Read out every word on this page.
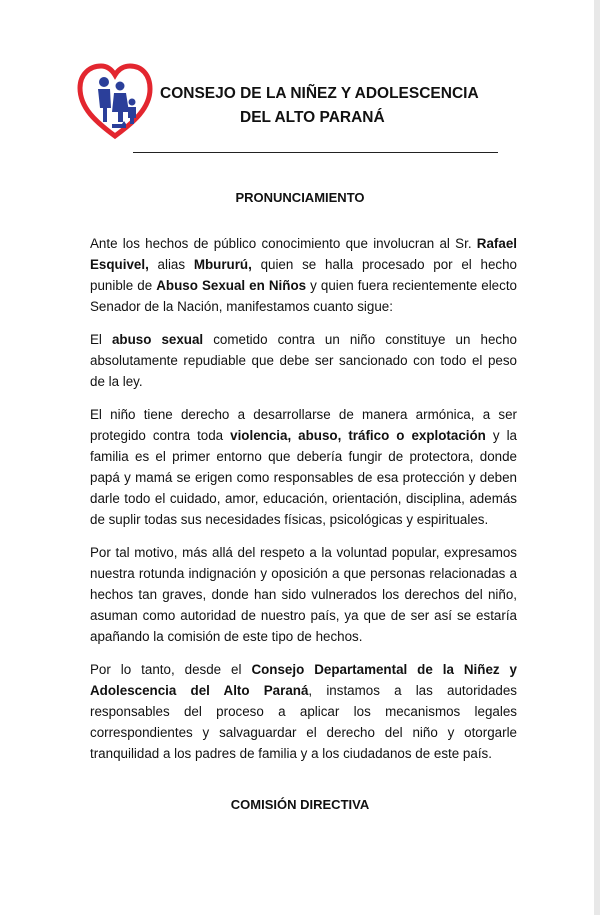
CONSEJO DE LA NIÑEZ Y ADOLESCENCIA
DEL ALTO PARANÁ
PRONUNCIAMIENTO

Ante los hechos de público conocimiento que involucran al Sr. Rafael Esquivel, alias Mbururú, quien se halla procesado por el hecho punible de Abuso Sexual en Niños y quien fuera recientemente electo Senador de la Nación, manifestamos cuanto sigue:

El abuso sexual cometido contra un niño constituye un hecho absolutamente repudiable que debe ser sancionado con todo el peso de la ley.

El niño tiene derecho a desarrollarse de manera armónica, a ser protegido contra toda violencia, abuso, tráfico o explotación y la familia es el primer entorno que debería fungir de protectora, donde papá y mamá se erigen como responsables de esa protección y deben darle todo el cuidado, amor, educación, orientación, disciplina, además de suplir todas sus necesidades físicas, psicológicas y espirituales.

Por tal motivo, más allá del respeto a la voluntad popular, expresamos nuestra rotunda indignación y oposición a que personas relacionadas a hechos tan graves, donde han sido vulnerados los derechos del niño, asuman como autoridad de nuestro país, ya que de ser así se estaría apañando la comisión de este tipo de hechos.

Por lo tanto, desde el Consejo Departamental de la Niñez y Adolescencia del Alto Paraná, instamos a las autoridades responsables del proceso a aplicar los mecanismos legales correspondientes y salvaguardar el derecho del niño y otorgarle tranquilidad a los padres de familia y a los ciudadanos de este país.

COMISIÓN DIRECTIVA
